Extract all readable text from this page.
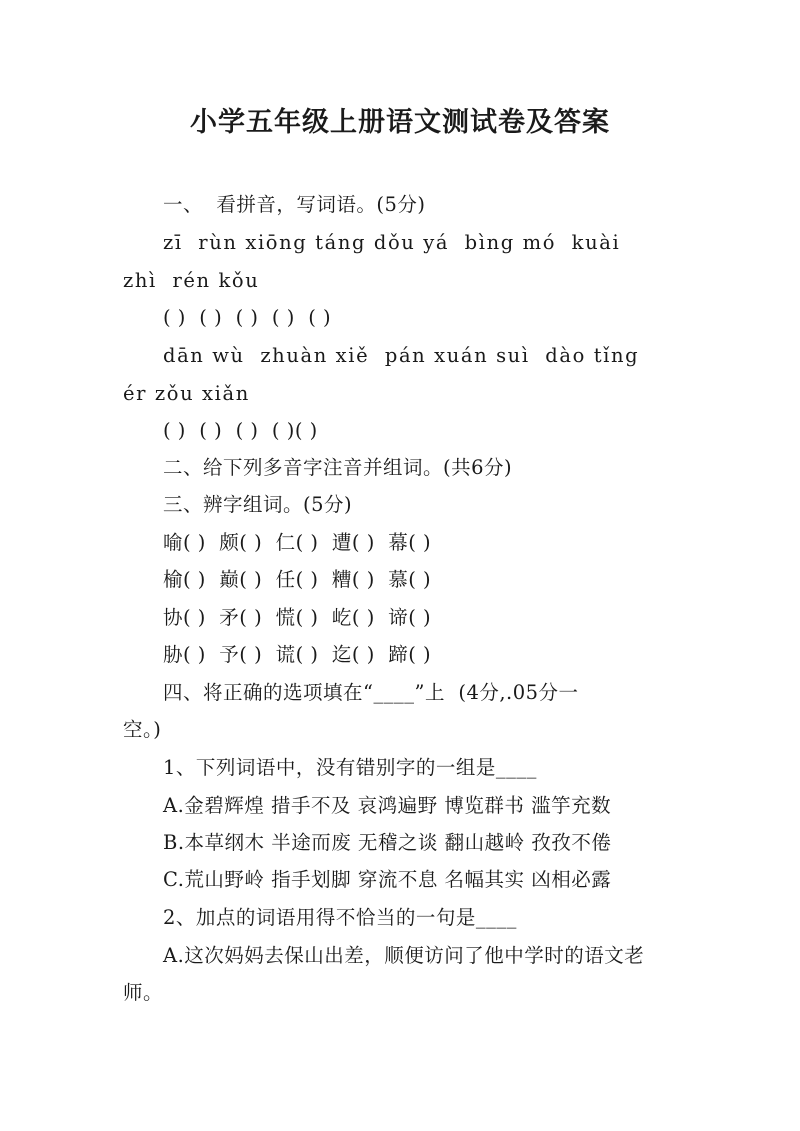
小学五年级上册语文测试卷及答案
一、  看拼音，写词语。(5分)
zī  rùn xiōng táng dǒu yá  bìng mó  kuài
zhì  rén kǒu
( )  ( )  ( )  ( )  ( )
dān wù  zhuàn xiě  pán xuán suì  dào tǐng
ér zǒu xiǎn
( )  ( )  ( )  ( )( )
二、给下列多音字注音并组词。(共6分)
三、辨字组词。(5分)
喻( )  颇( )  仁( )  遭( )  幕( )
榆( )  巅( )  任( )  糟( )  慕( )
协( )  矛( )  慌( )  屹( )  谛( )
胁( )  予( )  谎( )  迄( )  蹄( )
四、将正确的选项填在“____”上  (4分,.05分一
空。)
1、下列词语中，没有错别字的一组是____
A.金碧辉煌 措手不及 哀鸿遍野 博览群书 滥竽充数
B.本草纲木 半途而废 无稽之谈 翻山越岭 孜孜不倦
C.荒山野岭 指手划脚 穿流不息 名幅其实 凶相必露
2、加点的词语用得不恰当的一句是____
A.这次妈妈去保山出差，顺便访问了他中学时的语文老
师。
